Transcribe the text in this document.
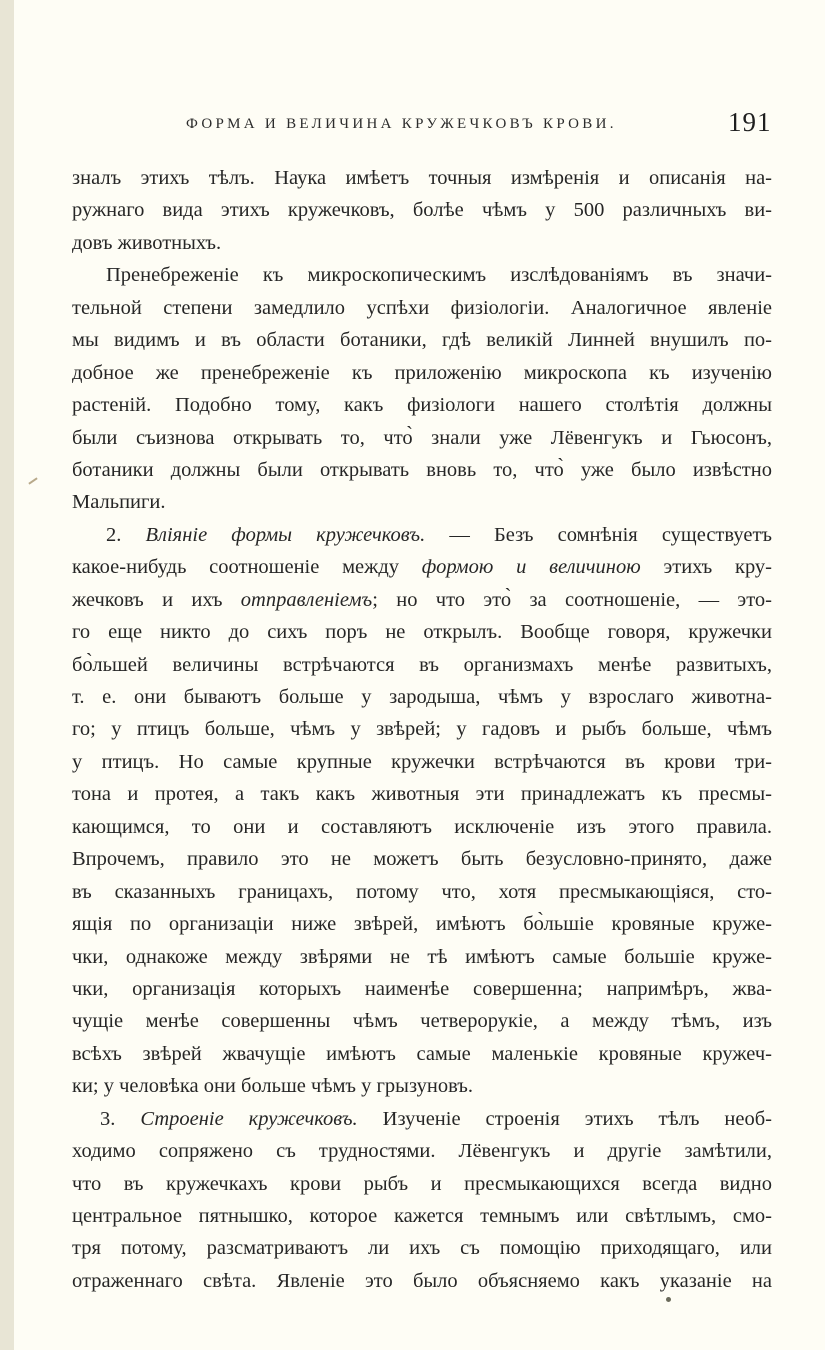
ФОРМА И ВЕЛИЧИНА КРУЖЕЧКОВЪ КРОВИ.	191
зналъ этихъ тѣлъ. Наука имѣетъ точныя измѣренія и описанія на-
ружнаго вида этихъ кружечковъ, болѣе чѣмъ у 500 различныхъ ви-
довъ животныхъ.
Пренебреженіе къ микроскопическимъ изслѣдованіямъ въ значи-
тельной степени замедлило успѣхи физіологіи. Аналогичное явленіе
мы видимъ и въ области ботаники, гдѣ великій Линней внушилъ по-
добное же пренебреженіе къ приложенію микроскопа къ изученію
растеній. Подобно тому, какъ физіологи нашего столѣтія должны
были съизнова открывать то, что̀ знали уже Лёвенгукъ и Гьюсонъ,
ботаники должны были открывать вновь то, что̀ уже было извѣстно
Мальпиги.
2. Вліяніе формы кружечковъ. — Безъ сомнѣнія существуетъ
какое-нибудь соотношеніе между формою и величиною этихъ кру-
жечковъ и ихъ отправленіемъ; но что это̀ за соотношеніе, — это-
го еще никто до сихъ поръ не открылъ. Вообще говоря, кружечки
бо̀льшей величины встрѣчаются въ организмахъ менѣе развитыхъ,
т. е. они бываютъ больше у зародыша, чѣмъ у взрослаго животна-
го; у птицъ больше, чѣмъ у звѣрей; у гадовъ и рыбъ больше, чѣмъ
у птицъ. Но самые крупные кружечки встрѣчаются въ крови три-
тона и протея, а такъ какъ животныя эти принадлежатъ къ пресмы-
кающимся, то они и составляютъ исключеніе изъ этого правила.
Впрочемъ, правило это не можетъ быть безусловно-принято, даже
въ сказанныхъ границахъ, потому что, хотя пресмыкающіяся, сто-
ящія по организаціи ниже звѣрей, имѣютъ бо̀льшіе кровяные круже-
чки, однакоже между звѣрями не тѣ имѣютъ самые большіе круже-
чки, организація которыхъ наименѣе совершенна; напримѣръ, жва-
чущіе менѣе совершенны чѣмъ четверорукіе, а между тѣмъ, изъ
всѣхъ звѣрей жвачущіе имѣютъ самые маленькіе кровяные кружеч-
ки; у человѣка они больше чѣмъ у грызуновъ.
3. Строеніе кружечковъ. Изученіе строенія этихъ тѣлъ необ-
ходимо сопряжено съ трудностями. Лёвенгукъ и другіе замѣтили,
что въ кружечкахъ крови рыбъ и пресмыкающихся всегда видно
центральное пятнышко, которое кажется темнымъ или свѣтлымъ, смо-
тря потому, разсматриваютъ ли ихъ съ помощію приходящаго, или
отраженнаго свѣта. Явленіе это было объясняемо какъ указаніе на
